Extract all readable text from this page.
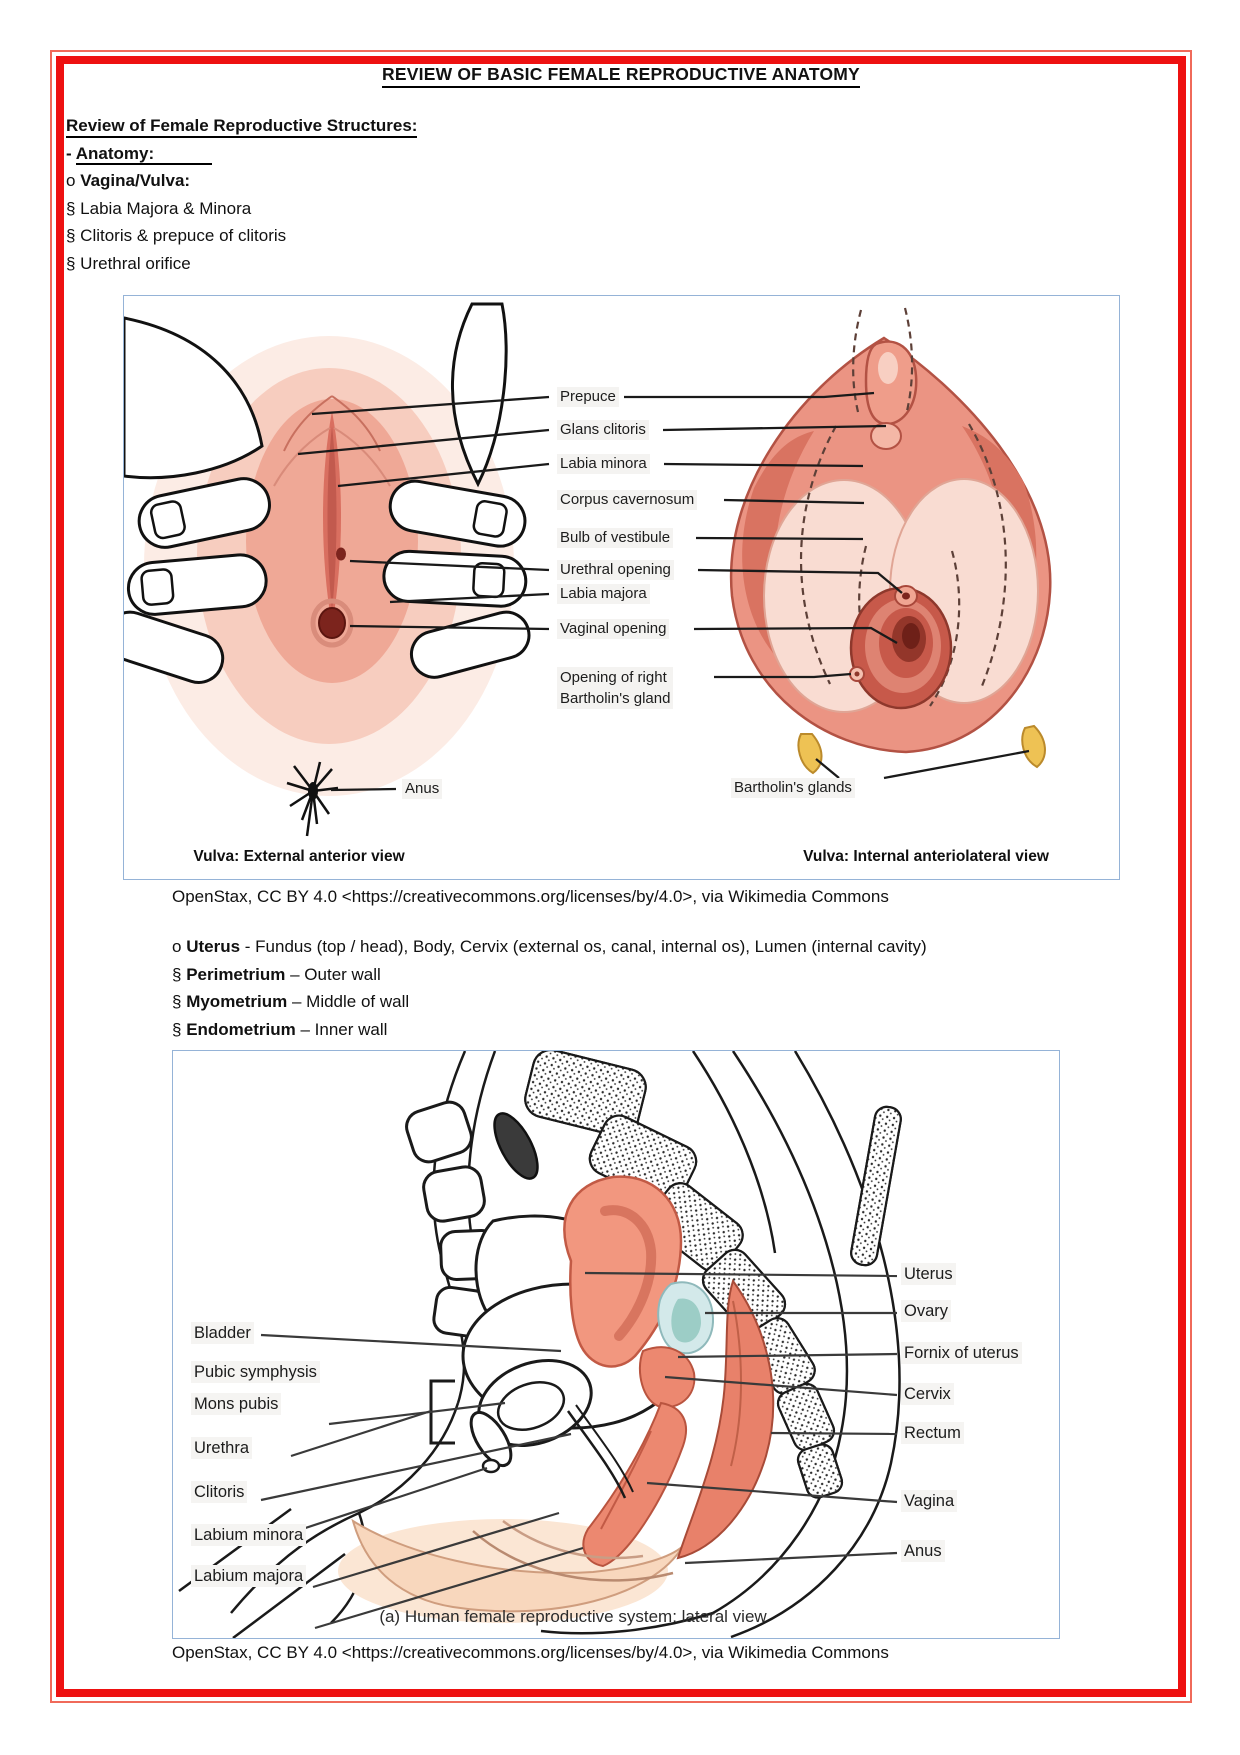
REVIEW OF BASIC FEMALE REPRODUCTIVE ANATOMY
Review of Female Reproductive Structures:
- Anatomy:
o Vagina/Vulva:
§ Labia Majora & Minora
§ Clitoris & prepuce of clitoris
§ Urethral orifice
Prepuce
Glans clitoris
Labia minora
Corpus cavernosum
Bulb of vestibule
Urethral opening
Labia majora
Vaginal opening
Opening of right
Bartholin's gland
Anus	Bartholin's glands
Vulva: External anterior view	Vulva: Internal anteriolateral view
OpenStax, CC BY 4.0 <https://creativecommons.org/licenses/by/4.0>, via Wikimedia Commons
o Uterus - Fundus (top / head), Body, Cervix (external os, canal, internal os), Lumen (internal cavity)
§ Perimetrium – Outer wall
§ Myometrium – Middle of wall
§ Endometrium – Inner wall
Bladder
Pubic symphysis
Mons pubis
Urethra
Clitoris
Labium minora
Labium majora
Uterus
Ovary
Fornix of uterus
Cervix
Rectum
Vagina
Anus
(a) Human female reproductive system: lateral view
OpenStax, CC BY 4.0 <https://creativecommons.org/licenses/by/4.0>, via Wikimedia Commons
